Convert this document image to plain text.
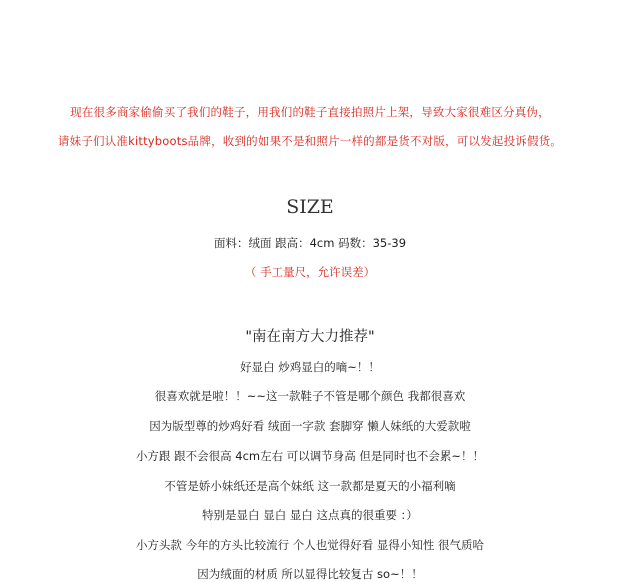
现在很多商家偷偷买了我们的鞋子，用我们的鞋子直接拍照片上架，导致大家很难区分真伪，
请妹子们认准kittyboots品牌，收到的如果不是和照片一样的都是货不对版，可以发起投诉假货。
SIZE
面料：绒面 跟高：4cm 码数：35-39
（ 手工量尺，允许误差）
"南在南方大力推荐"
好显白 炒鸡显白的嘀~！！
很喜欢就是啦！！~~这一款鞋子不管是哪个颜色 我都很喜欢
因为版型尊的炒鸡好看 绒面一字款 套脚穿 懒人妹纸的大爱款啦
小方跟 跟不会很高 4cm左右 可以调节身高 但是同时也不会累~！！
不管是娇小妹纸还是高个妹纸 这一款都是夏天的小福利嘀
特别是显白 显白 显白 这点真的很重要 ：）
小方头款 今年的方头比较流行 个人也觉得好看 显得小知性 很气质哈
因为绒面的材质 所以显得比较复古 so~！！
